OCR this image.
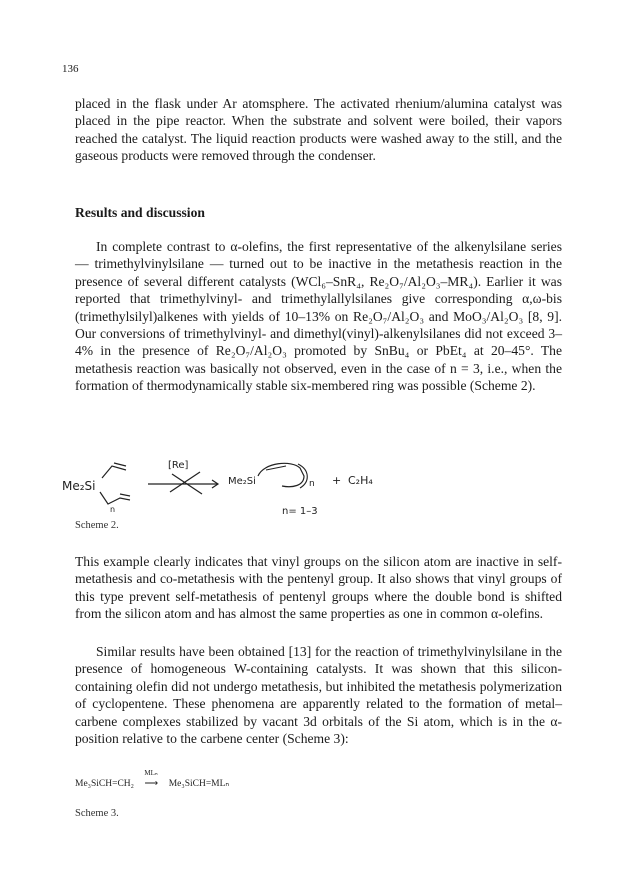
136

placed in the flask under Ar atomsphere. The activated rhenium/alumina catalyst was placed in the pipe reactor. When the substrate and solvent were boiled, their vapors reached the catalyst. The liquid reaction products were washed away to the still, and the gaseous products were removed through the condenser.

Results and discussion

In complete contrast to α-olefins, the first representative of the alkenylsilane series — trimethylvinylsilane — turned out to be inactive in the metathesis reaction in the presence of several different catalysts (WCl₆–SnR₄, Re₂O₇/Al₂O₃–MR₄). Earlier it was reported that trimethylvinyl- and trimethylallylsilanes give corresponding α,ω-bis (trimethylsilyl)alkenes with yields of 10–13% on Re₂O₇/Al₂O₃ and MoO₃/Al₂O₃ [8, 9]. Our conversions of trimethylvinyl- and dimethyl(vinyl)-alkenylsilanes did not exceed 3–4% in the presence of Re₂O₇/Al₂O₃ promoted by SnBu₄ or PbEt₄ at 20–45°. The metathesis reaction was basically not observed, even in the case of n = 3, i.e., when the formation of thermodynamically stable six-membered ring was possible (Scheme 2).

Me₂Si
n
[Re]
Me₂Si	n + C₂H₄
n= 1–3
Scheme 2.

This example clearly indicates that vinyl groups on the silicon atom are inactive in self-metathesis and co-metathesis with the pentenyl group. It also shows that vinyl groups of this type prevent self-metathesis of pentenyl groups where the double bond is shifted from the silicon atom and has almost the same properties as one in common α-olefins.

Similar results have been obtained [13] for the reaction of trimethylvinylsilane in the presence of homogeneous W-containing catalysts. It was shown that this silicon-containing olefin did not undergo metathesis, but inhibited the metathesis polymerization of cyclopentene. These phenomena are apparently related to the formation of metal–carbene complexes stabilized by vacant 3d orbitals of the Si atom, which is in the α-position relative to the carbene center (Scheme 3):

Me₃SiCH=CH₂
MLₙ
⟶ Me₃SiCH=MLₙ
Scheme 3.
